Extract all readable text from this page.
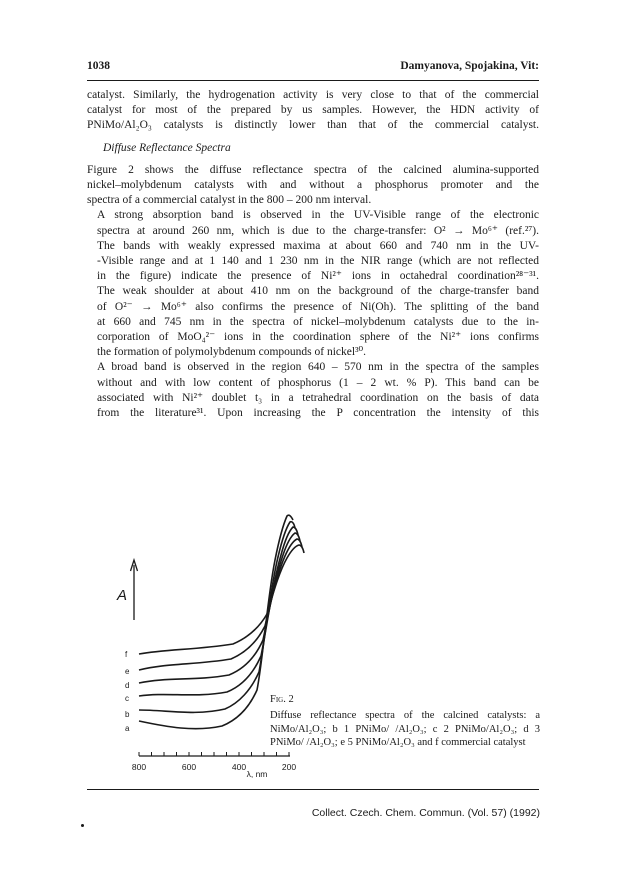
1038	Damyanova, Spojakina, Vit:

catalyst. Similarly, the hydrogenation activity is very close to that of the commercial
catalyst for most of the prepared by us samples. However, the HDN activity of
PNiMo/Al₂O₃ catalysts is distinctly lower than that of the commercial catalyst.

Diffuse Reflectance Spectra

Figure 2 shows the diffuse reflectance spectra of the calcined alumina-supported
nickel–molybdenum catalysts with and without a phosphorus promoter and the
spectra of a commercial catalyst in the 800 – 200 nm interval.

A strong absorption band is observed in the UV-Visible range of the electronic
spectra at around 260 nm, which is due to the charge-transfer: O² → Mo⁶⁺ (ref.²⁷).

The bands with weakly expressed maxima at about 660 and 740 nm in the UV-
-Visible range and at 1 140 and 1 230 nm in the NIR range (which are not reflected
in the figure) indicate the presence of Ni²⁺ ions in octahedral coordination²⁸⁻³¹.
The weak shoulder at about 410 nm on the background of the charge-transfer band
of O²⁻ → Mo⁶⁺ also confirms the presence of Ni(Oh). The splitting of the band
at 660 and 745 nm in the spectra of nickel–molybdenum catalysts due to the in-
corporation of MoO₄²⁻ ions in the coordination sphere of the Ni²⁺ ions confirms
the formation of polymolybdenum compounds of nickel³⁰.

A broad band is observed in the region 640 – 570 nm in the spectra of the samples
without and with low content of phosphorus (1 – 2 wt. % P). This band can be
associated with Ni²⁺ doublet t₃ in a tetrahedral coordination on the basis of data
from the literature³¹. Upon increasing the P concentration the intensity of this

A
a
b
c
d
e
f
800	600	400	200
λ, nm
Fig. 2
Diffuse reflectance spectra of the calcined catalysts: a NiMo/Al₂O₃; b 1 PNiMo/ /Al₂O₃; c 2 PNiMo/Al₂O₃; d 3 PNiMo/ /Al₂O₃; e 5 PNiMo/Al₂O₃ and f commercial catalyst
Collect. Czech. Chem. Commun. (Vol. 57) (1992)
